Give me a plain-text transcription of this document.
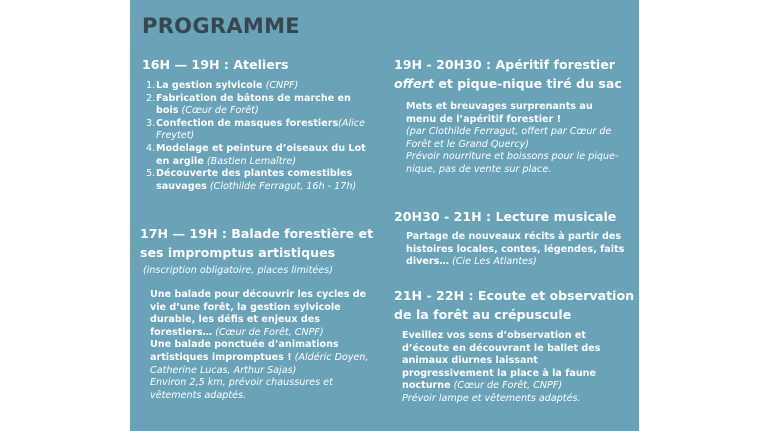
PROGRAMME
16H — 19H : Ateliers
1. La gestion sylvicole (CNPF)
2. Fabrication de bâtons de marche en bois (Cœur de Forêt)
3. Confection de masques forestiers(Alice Freytet)
4. Modelage et peinture d’oiseaux du Lot en argile (Bastien Lemaître)
5. Découverte des plantes comestibles sauvages (Clothilde Ferragut, 16h - 17h)
17H — 19H : Balade forestière et ses impromptus artistiques
(inscription obligatoire, places limitées)

Une balade pour découvrir les cycles de vie d’une forêt, la gestion sylvicole durable, les défis et enjeux des forestiers… (Cœur de Forêt, CNPF)

Une balade ponctuée d’animations artistiques impromptues ! (Aldéric Doyen, Catherine Lucas, Arthur Sajas)

Environ 2,5 km, prévoir chaussures et vêtements adaptés.

19H - 20H30 : Apéritif forestier
offert et pique-nique tiré du sac

Mets et breuvages surprenants au menu de l’apéritif forestier !

(par Clothilde Ferragut, offert par Cœur de Forêt et le Grand Quercy)

Prévoir nourriture et boissons pour le pique-nique, pas de vente sur place.

20H30 - 21H : Lecture musicale

Partage de nouveaux récits à partir des histoires locales, contes, légendes, faits divers… (Cie Les Atlantes)

21H - 22H : Ecoute et observation de la forêt au crépuscule

Eveillez vos sens d’observation et d’écoute en découvrant le ballet des animaux diurnes laissant progressivement la place à la faune nocturne (Cœur de Forêt, CNPF)

Prévoir lampe et vêtements adaptés.
